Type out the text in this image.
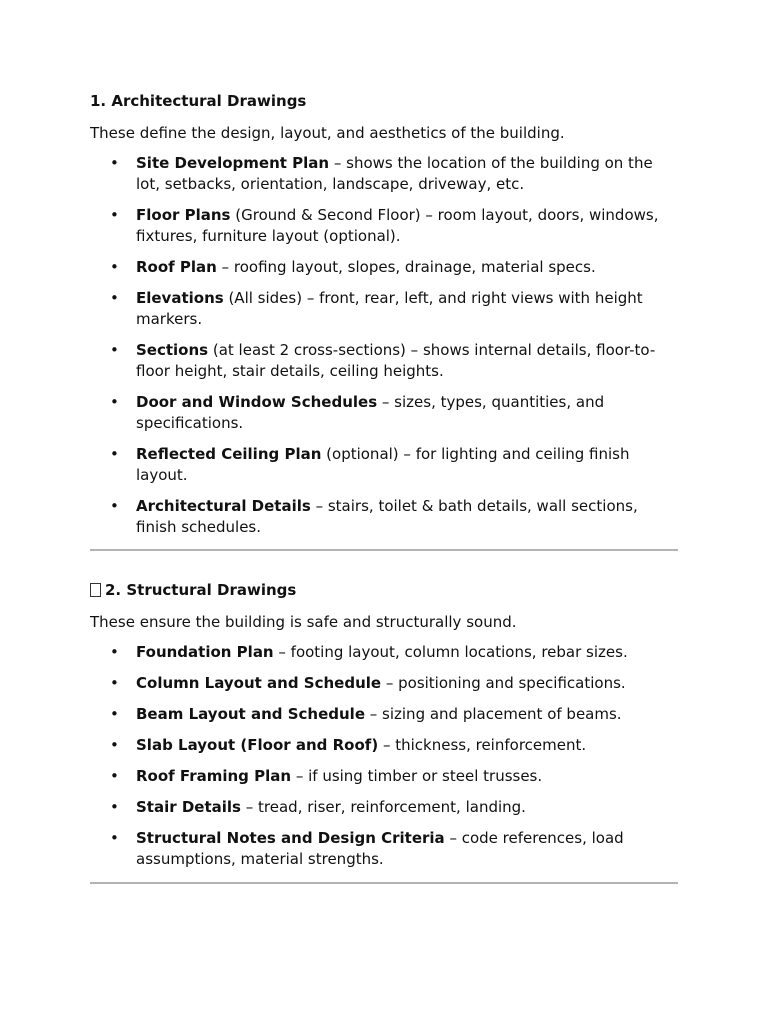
1. Architectural Drawings

These define the design, layout, and aesthetics of the building.

• Site Development Plan – shows the location of the building on the lot, setbacks, orientation, landscape, driveway, etc.
• Floor Plans (Ground & Second Floor) – room layout, doors, windows, fixtures, furniture layout (optional).
• Roof Plan – roofing layout, slopes, drainage, material specs.
• Elevations (All sides) – front, rear, left, and right views with height markers.
• Sections (at least 2 cross-sections) – shows internal details, floor-to-floor height, stair details, ceiling heights.
• Door and Window Schedules – sizes, types, quantities, and specifications.
• Reflected Ceiling Plan (optional) – for lighting and ceiling finish layout.
• Architectural Details – stairs, toilet & bath details, wall sections, finish schedules.

2. Structural Drawings

These ensure the building is safe and structurally sound.

• Foundation Plan – footing layout, column locations, rebar sizes.
• Column Layout and Schedule – positioning and specifications.
• Beam Layout and Schedule – sizing and placement of beams.
• Slab Layout (Floor and Roof) – thickness, reinforcement.
• Roof Framing Plan – if using timber or steel trusses.
• Stair Details – tread, riser, reinforcement, landing.
• Structural Notes and Design Criteria – code references, load assumptions, material strengths.
